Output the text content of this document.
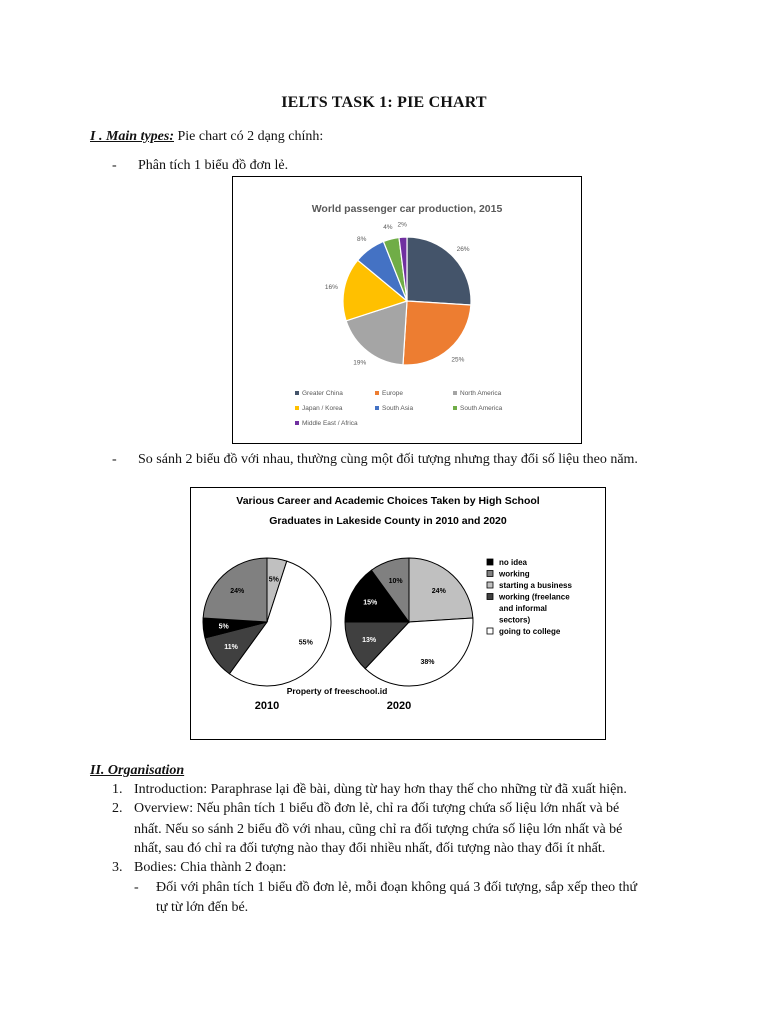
IELTS TASK 1: PIE CHART
I . Main types: Pie chart có 2 dạng chính:
- Phân tích 1 biểu đồ đơn lẻ.
World passenger car production, 2015
26%
25%
19%
16%
8%
4% 2%
Greater China	Europe	North America
Japan / Korea	South Asia	South America
Middle East / Africa
- So sánh 2 biểu đồ với nhau, thường cùng một đối tượng nhưng thay đổi số liệu theo năm.
Various Career and Academic Choices Taken by High School
Graduates in Lakeside County in 2010 and 2020
5%
55%
11%
5%
24%
2010
24%
38%
13%
15%
10%
2020
no idea
working
starting a business
working (freelance
and informal
sectors)
going to college
Property of freeschool.id
II. Organisation
1. Introduction: Paraphrase lại đề bài, dùng từ hay hơn thay thế cho những từ đã xuất hiện.
2. Overview: Nếu phân tích 1 biểu đồ đơn lẻ, chỉ ra đối tượng chứa số liệu lớn nhất và bé
nhất. Nếu so sánh 2 biểu đồ với nhau, cũng chỉ ra đối tượng chứa số liệu lớn nhất và bé
nhất, sau đó chỉ ra đối tượng nào thay đổi nhiều nhất, đối tượng nào thay đổi ít nhất.
3. Bodies: Chia thành 2 đoạn:
- Đối với phân tích 1 biểu đồ đơn lẻ, mỗi đoạn không quá 3 đối tượng, sắp xếp theo thứ
tự từ lớn đến bé.
